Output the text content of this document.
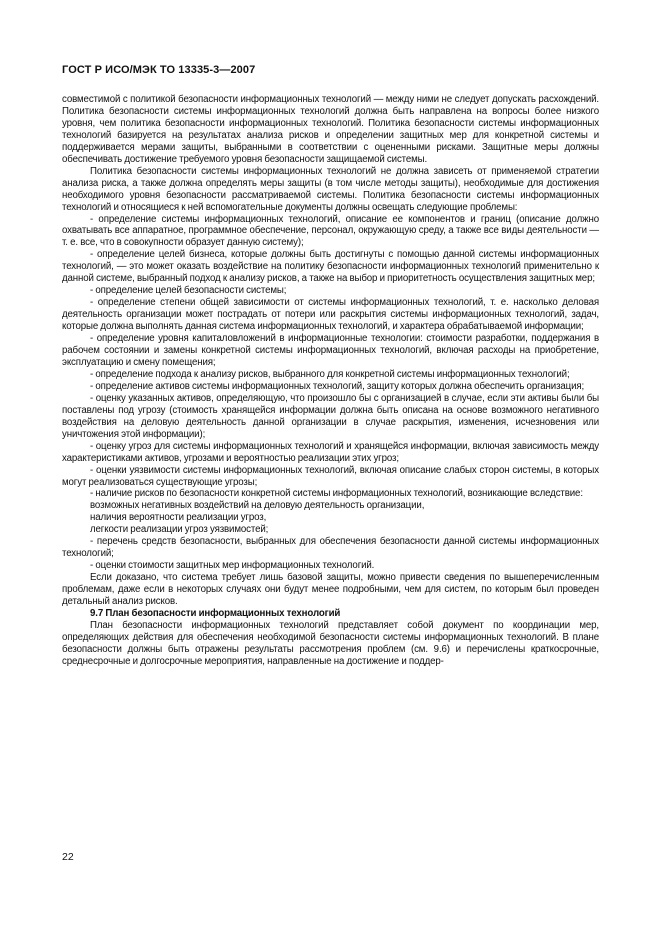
ГОСТ Р ИСО/МЭК ТО 13335-3—2007

совместимой с политикой безопасности информационных технологий — между ними не следует допускать расхождений. Политика безопасности системы информационных технологий должна быть направлена на вопросы более низкого уровня, чем политика безопасности информационных технологий. Политика безопасности системы информационных технологий базируется на результатах анализа рисков и определении защитных мер для конкретной системы и поддерживается мерами защиты, выбранными в соответствии с оцененными рисками. Защитные меры должны обеспечивать достижение требуемого уровня безопасности защищаемой системы.

Политика безопасности системы информационных технологий не должна зависеть от применяемой стратегии анализа риска, а также должна определять меры защиты (в том числе методы защиты), необходимые для достижения необходимого уровня безопасности рассматриваемой системы. Политика безопасности системы информационных технологий и относящиеся к ней вспомогательные документы должны освещать следующие проблемы:

- определение системы информационных технологий, описание ее компонентов и границ (описание должно охватывать все аппаратное, программное обеспечение, персонал, окружающую среду, а также все виды деятельности — т. е. все, что в совокупности образует данную систему);

- определение целей бизнеса, которые должны быть достигнуты с помощью данной системы информационных технологий, — это может оказать воздействие на политику безопасности информационных технологий применительно к данной системе, выбранный подход к анализу рисков, а также на выбор и приоритетность осуществления защитных мер;

- определение целей безопасности системы;

- определение степени общей зависимости от системы информационных технологий, т. е. насколько деловая деятельность организации может пострадать от потери или раскрытия системы информационных технологий, задач, которые должна выполнять данная система информационных технологий, и характера обрабатываемой информации;

- определение уровня капиталовложений в информационные технологии: стоимости разработки, поддержания в рабочем состоянии и замены конкретной системы информационных технологий, включая расходы на приобретение, эксплуатацию и смену помещения;

- определение подхода к анализу рисков, выбранного для конкретной системы информационных технологий;

- определение активов системы информационных технологий, защиту которых должна обеспечить организация;

- оценку указанных активов, определяющую, что произошло бы с организацией в случае, если эти активы были бы поставлены под угрозу (стоимость хранящейся информации должна быть описана на основе возможного негативного воздействия на деловую деятельность данной организации в случае раскрытия, изменения, исчезновения или уничтожения этой информации);

- оценку угроз для системы информационных технологий и хранящейся информации, включая зависимость между характеристиками активов, угрозами и вероятностью реализации этих угроз;

- оценки уязвимости системы информационных технологий, включая описание слабых сторон системы, в которых могут реализоваться существующие угрозы;

- наличие рисков по безопасности конкретной системы информационных технологий, возникающие вследствие:

возможных негативных воздействий на деловую деятельность организации,

наличия вероятности реализации угроз,

легкости реализации угроз уязвимостей;

- перечень средств безопасности, выбранных для обеспечения безопасности данной системы информационных технологий;

- оценки стоимости защитных мер информационных технологий.

Если доказано, что система требует лишь базовой защиты, можно привести сведения по вышеперечисленным проблемам, даже если в некоторых случаях они будут менее подробными, чем для систем, по которым был проведен детальный анализ рисков.

9.7 План безопасности информационных технологий

План безопасности информационных технологий представляет собой документ по координации мер, определяющих действия для обеспечения необходимой безопасности системы информационных технологий. В плане безопасности должны быть отражены результаты рассмотрения проблем (см. 9.6) и перечислены краткосрочные, среднесрочные и долгосрочные мероприятия, направленные на достижение и поддер-

22
